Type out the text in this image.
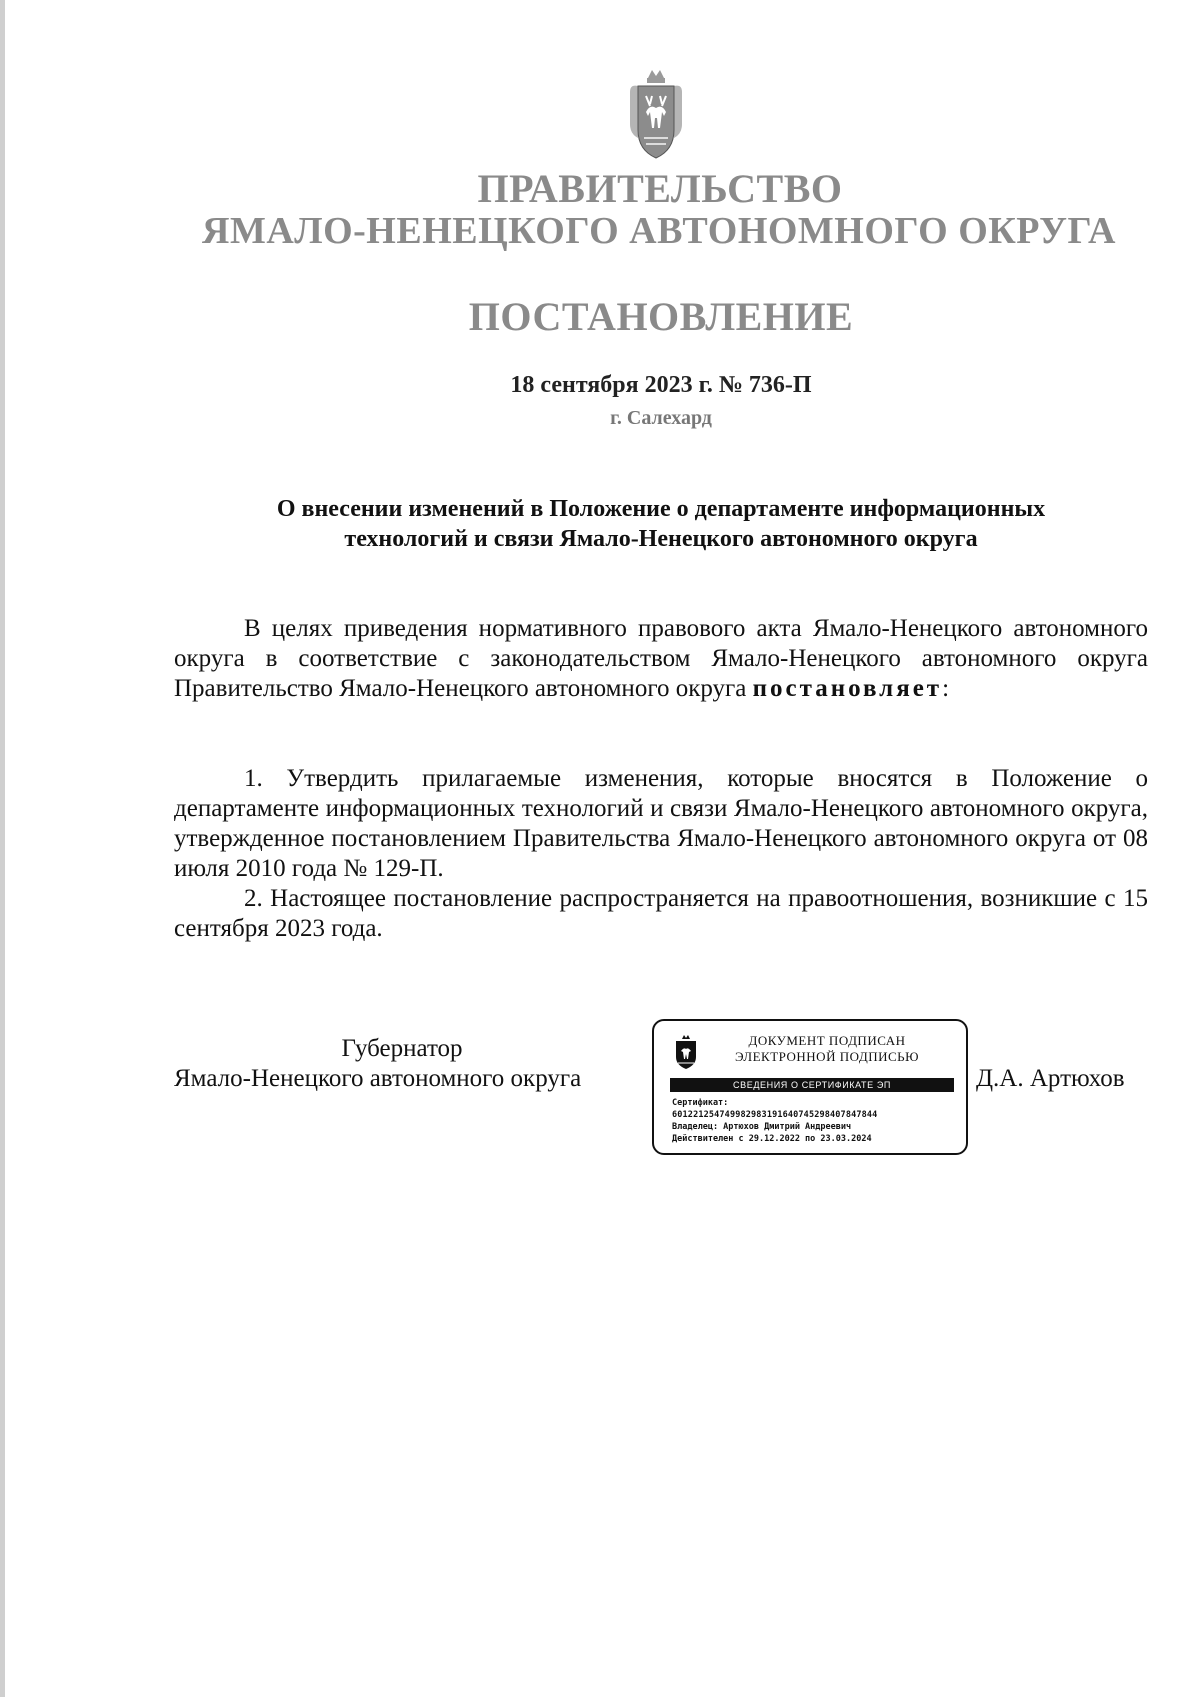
ПРАВИТЕЛЬСТВО
ЯМАЛО-НЕНЕЦКОГО АВТОНОМНОГО ОКРУГА
ПОСТАНОВЛЕНИЕ
18 сентября 2023 г. № 736-П
г. Салехард
О внесении изменений в Положение о департаменте информационных
технологий и связи Ямало-Ненецкого автономного округа
В целях приведения нормативного правового акта Ямало-Ненецкого автономного округа в соответствие с законодательством Ямало-Ненецкого автономного округа Правительство Ямало-Ненецкого автономного округа постановляет:
1. Утвердить прилагаемые изменения, которые вносятся в Положение о департаменте информационных технологий и связи Ямало-Ненецкого автономного округа, утвержденное постановлением Правительства Ямало-Ненецкого автономного округа от 08 июля 2010 года № 129-П.
2. Настоящее постановление распространяется на правоотношения, возникшие с 15 сентября 2023 года.
Губернатор
Ямало-Ненецкого автономного округа
ДОКУМЕНТ ПОДПИСАН ЭЛЕКТРОННОЙ ПОДПИСЬЮ
СВЕДЕНИЯ О СЕРТИФИКАТЕ ЭП
Сертификат:
601221254749982983191640745298407847844
Владелец: Артюхов Дмитрий Андреевич
Действителен с 29.12.2022 по 23.03.2024
Д.А. Артюхов
